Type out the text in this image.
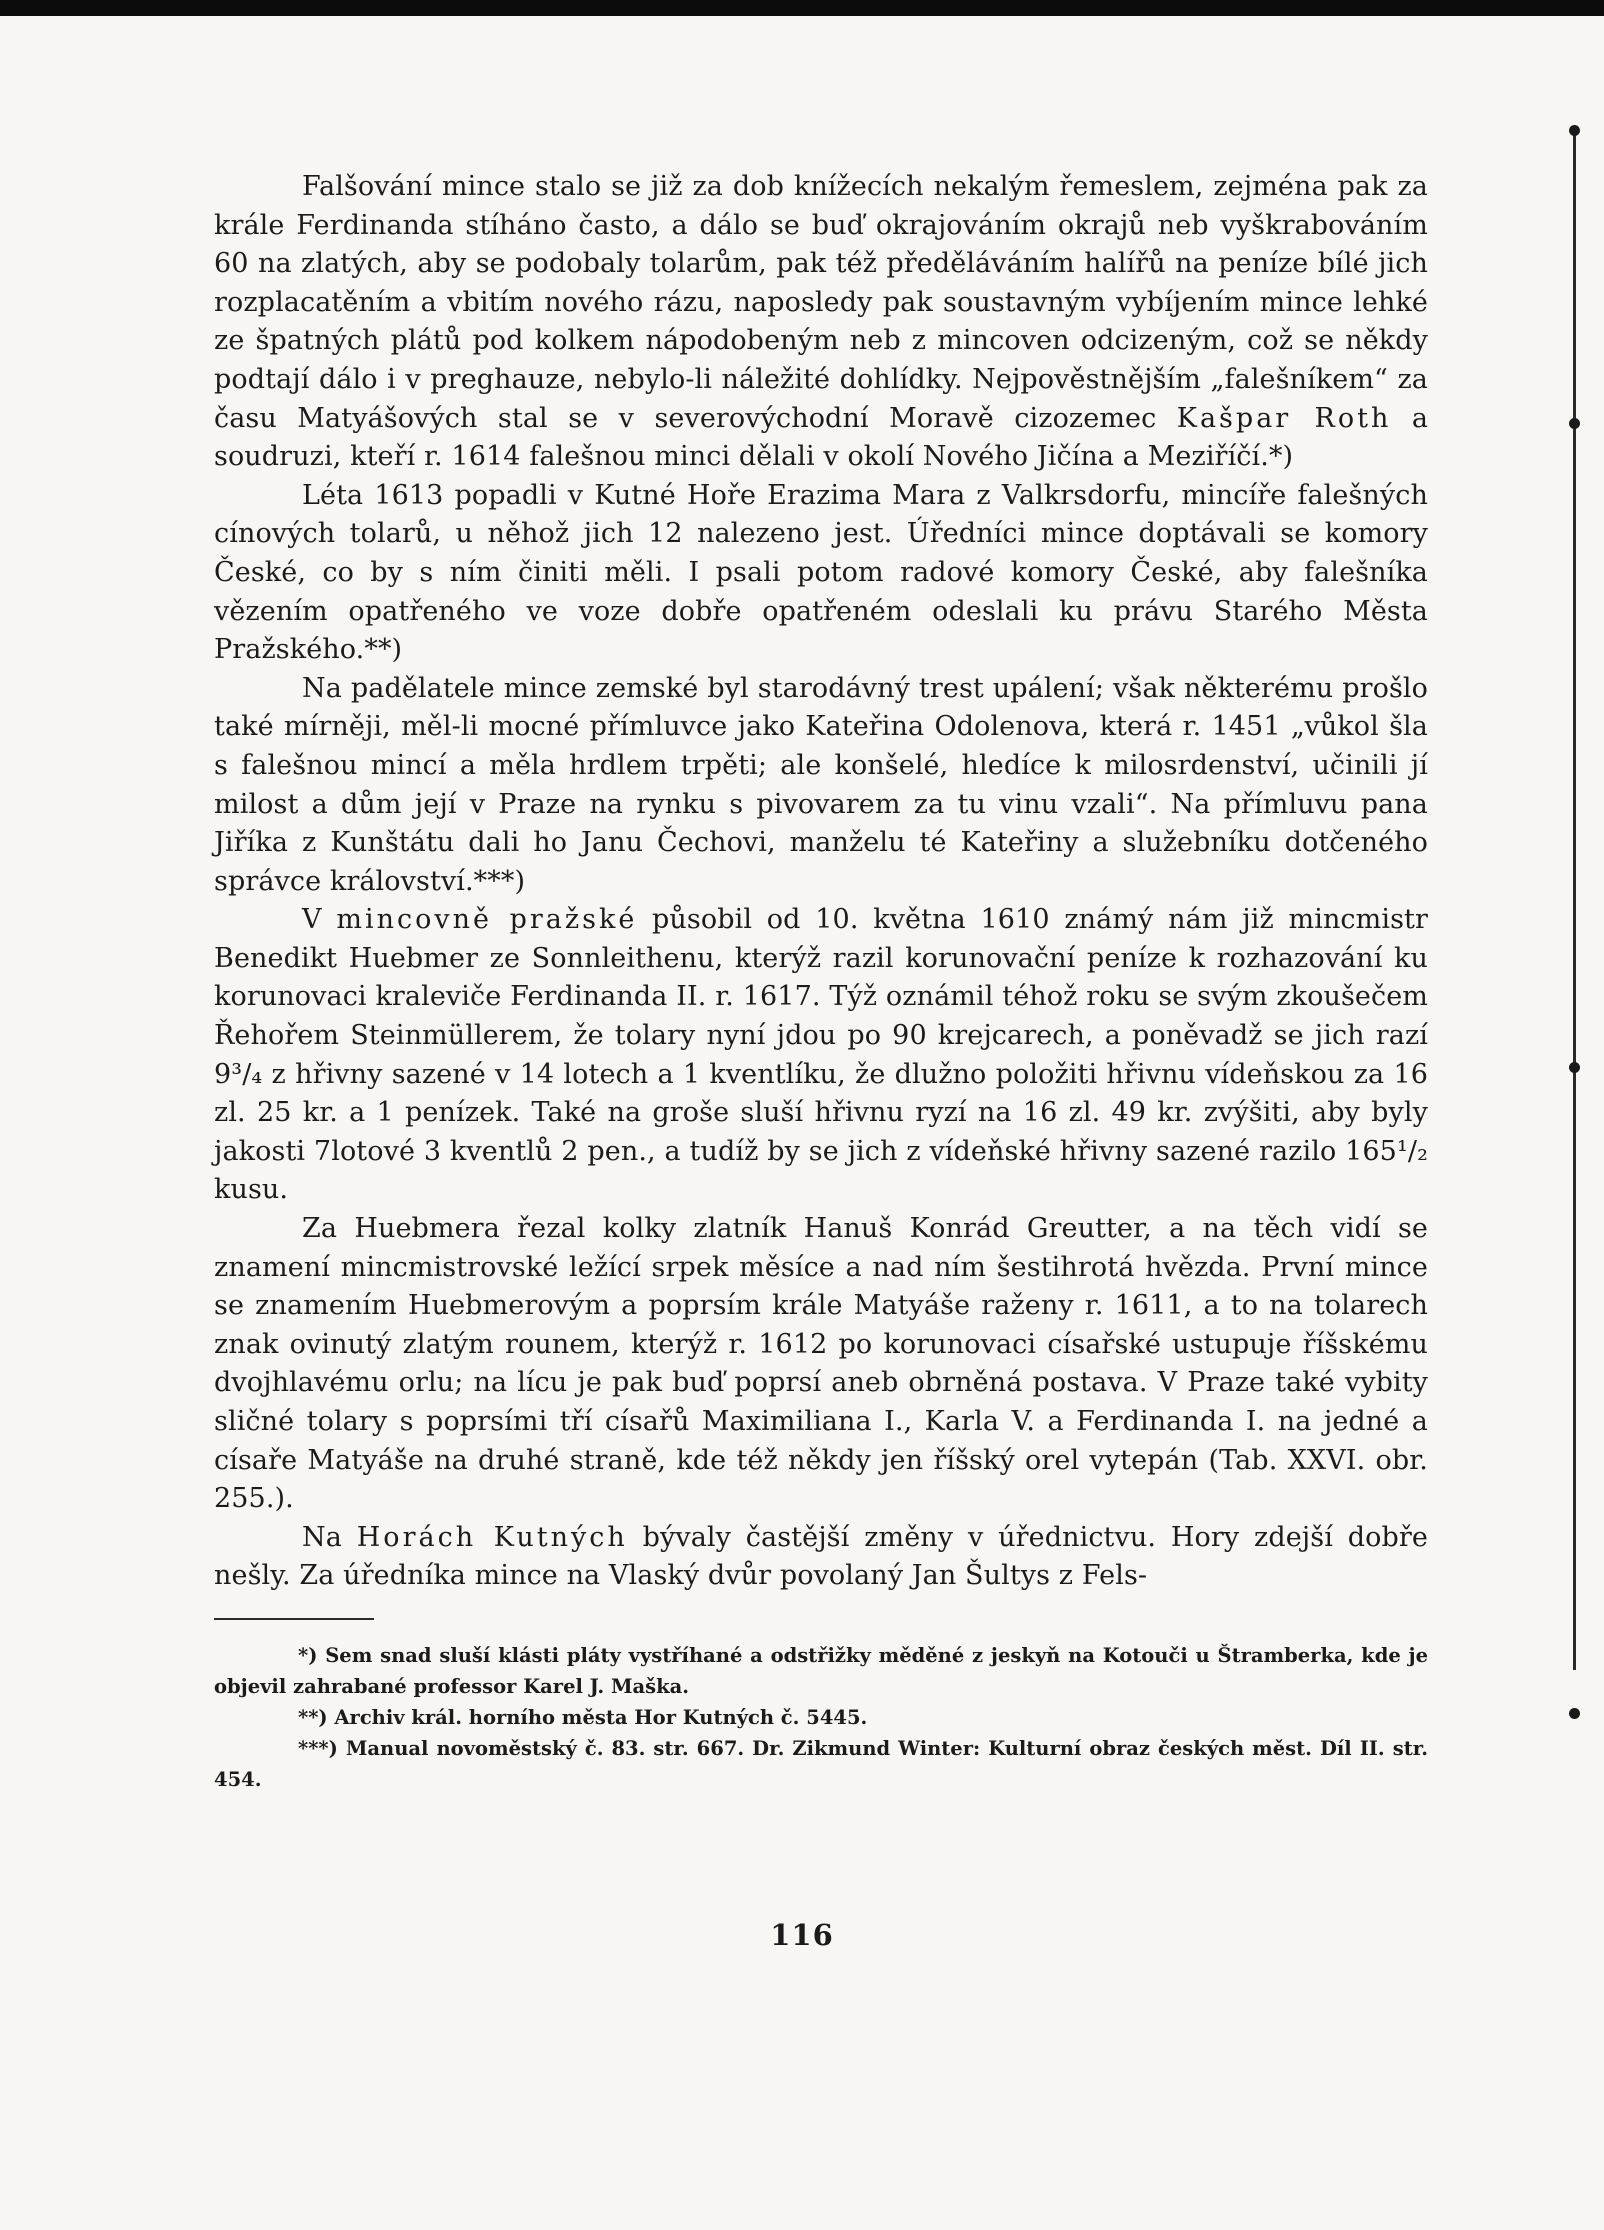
Falšování mince stalo se již za dob knížecích nekalým řemeslem, zejména pak za krále Ferdinanda stíháno často, a dálo se buď okrajováním okrajů neb vyškrabováním 60 na zlatých, aby se podobaly tolarům, pak též předěláváním halířů na peníze bílé jich rozplacatěním a vbitím nového rázu, naposledy pak soustavným vybíjením mince lehké ze špatných plátů pod kolkem nápodobeným neb z mincoven odcizeným, což se někdy podtají dálo i v preghauze, nebylo-li náležité dohlídky. Nejpověstnějším „falešníkem“ za času Matyášových stal se v severovýchodní Moravě cizozemec Kašpar Roth a soudruzi, kteří r. 1614 falešnou minci dělali v okolí Nového Jičína a Meziříčí.*)

Léta 1613 popadli v Kutné Hoře Erazima Mara z Valkrsdorfu, mincíře falešných cínových tolarů, u něhož jich 12 nalezeno jest. Úředníci mince doptávali se komory České, co by s ním činiti měli. I psali potom radové komory České, aby falešníka vězením opatřeného ve voze dobře opatřeném odeslali ku právu Starého Města Pražského.**)

Na padělatele mince zemské byl starodávný trest upálení; však některému prošlo také mírněji, měl-li mocné přímluvce jako Kateřina Odolenova, která r. 1451 „vůkol šla s falešnou mincí a měla hrdlem trpěti; ale konšelé, hledíce k milosrdenství, učinili jí milost a dům její v Praze na rynku s pivovarem za tu vinu vzali“. Na přímluvu pana Jiříka z Kunštátu dali ho Janu Čechovi, manželu té Kateřiny a služebníku dotčeného správce království.***)

V mincovně pražské působil od 10. května 1610 známý nám již mincmistr Benedikt Huebmer ze Sonnleithenu, kterýž razil korunovační peníze k rozhazování ku korunovaci kraleviče Ferdinanda II. r. 1617. Týž oznámil téhož roku se svým zkoušečem Řehořem Steinmüllerem, že tolary nyní jdou po 90 krejcarech, a poněvadž se jich razí 9³/₄ z hřivny sazené v 14 lotech a 1 kventlíku, že dlužno položiti hřivnu vídeňskou za 16 zl. 25 kr. a 1 penízek. Také na groše sluší hřivnu ryzí na 16 zl. 49 kr. zvýšiti, aby byly jakosti 7lotové 3 kventlů 2 pen., a tudíž by se jich z vídeňské hřivny sazené razilo 165¹/₂ kusu.

Za Huebmera řezal kolky zlatník Hanuš Konrád Greutter, a na těch vidí se znamení mincmistrovské ležící srpek měsíce a nad ním šestihrotá hvězda. První mince se znamením Huebmerovým a poprsím krále Matyáše raženy r. 1611, a to na tolarech znak ovinutý zlatým rounem, kterýž r. 1612 po korunovaci císařské ustupuje říšskému dvojhlavému orlu; na lícu je pak buď poprsí aneb obrněná postava. V Praze také vybity sličné tolary s poprsími tří císařů Maximiliana I., Karla V. a Ferdinanda I. na jedné a císaře Matyáše na druhé straně, kde též někdy jen říšský orel vytepán (Tab. XXVI. obr. 255.).

Na Horách Kutných bývaly častější změny v úřednictvu. Hory zdejší dobře nešly. Za úředníka mince na Vlaský dvůr povolaný Jan Šultys z Fels-

*) Sem snad sluší klásti pláty vystříhané a odstřižky měděné z jeskyň na Kotouči u Štramberka, kde je objevil zahrabané professor Karel J. Maška.

**) Archiv král. horního města Hor Kutných č. 5445.

***) Manual novoměstský č. 83. str. 667. Dr. Zikmund Winter: Kulturní obraz českých měst. Díl II. str. 454.

116
